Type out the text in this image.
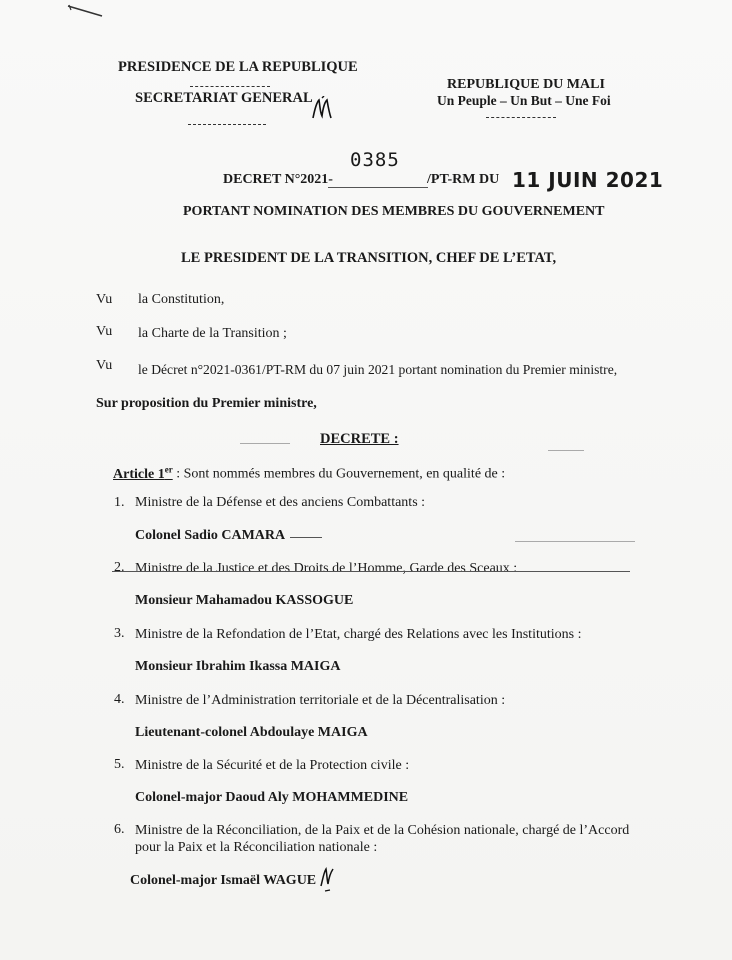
PRESIDENCE DE LA REPUBLIQUE
SECRETARIAT GENERAL
REPUBLIQUE DU MALI
Un Peuple – Un But – Une Foi
0385
DECRET N°2021-	/PT-RM DU 11 JUIN 2021
PORTANT NOMINATION DES MEMBRES DU GOUVERNEMENT
LE PRESIDENT DE LA TRANSITION, CHEF DE L’ETAT,
Vu la Constitution,
Vu la Charte de la Transition ;
Vu le Décret n°2021-0361/PT-RM du 07 juin 2021 portant nomination du Premier ministre,
Sur proposition du Premier ministre,
DECRETE :
Article 1er : Sont nommés membres du Gouvernement, en qualité de :
1. Ministre de la Défense et des anciens Combattants :
Colonel Sadio CAMARA
2. Ministre de la Justice et des Droits de l’Homme, Garde des Sceaux :
Monsieur Mahamadou KASSOGUE
3. Ministre de la Refondation de l’Etat, chargé des Relations avec les Institutions :
Monsieur Ibrahim Ikassa MAIGA
4. Ministre de l’Administration territoriale et de la Décentralisation :
Lieutenant-colonel Abdoulaye MAIGA
5. Ministre de la Sécurité et de la Protection civile :
Colonel-major Daoud Aly MOHAMMEDINE
6. Ministre de la Réconciliation, de la Paix et de la Cohésion nationale, chargé de l’Accord
pour la Paix et la Réconciliation nationale :
Colonel-major Ismaël WAGUE
